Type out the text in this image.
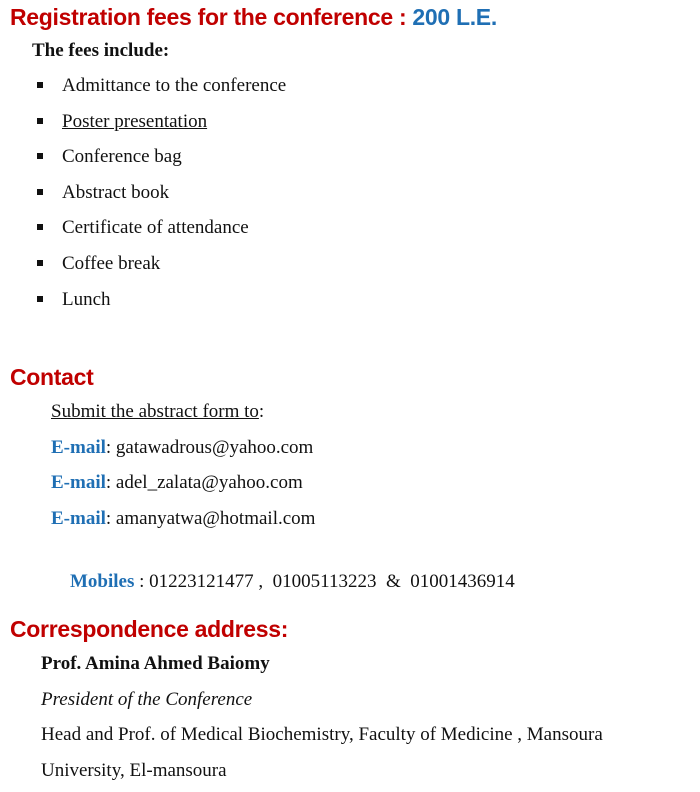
Registration fees for the conference : 200 L.E.

The fees include:

Admittance to the conference
Poster presentation
Conference bag
Abstract book
Certificate of attendance
Coffee break
Lunch
Contact
Submit the abstract form to:
E-mail: gatawadrous@yahoo.com
E-mail: adel_zalata@yahoo.com
E-mail: amanyatwa@hotmail.com

Mobiles : 01223121477 ,  01005113223  &  01001436914

Correspondence address:
Prof. Amina Ahmed Baiomy
President of the Conference
Head and Prof. of Medical Biochemistry, Faculty of Medicine , Mansoura
University, El-mansoura
